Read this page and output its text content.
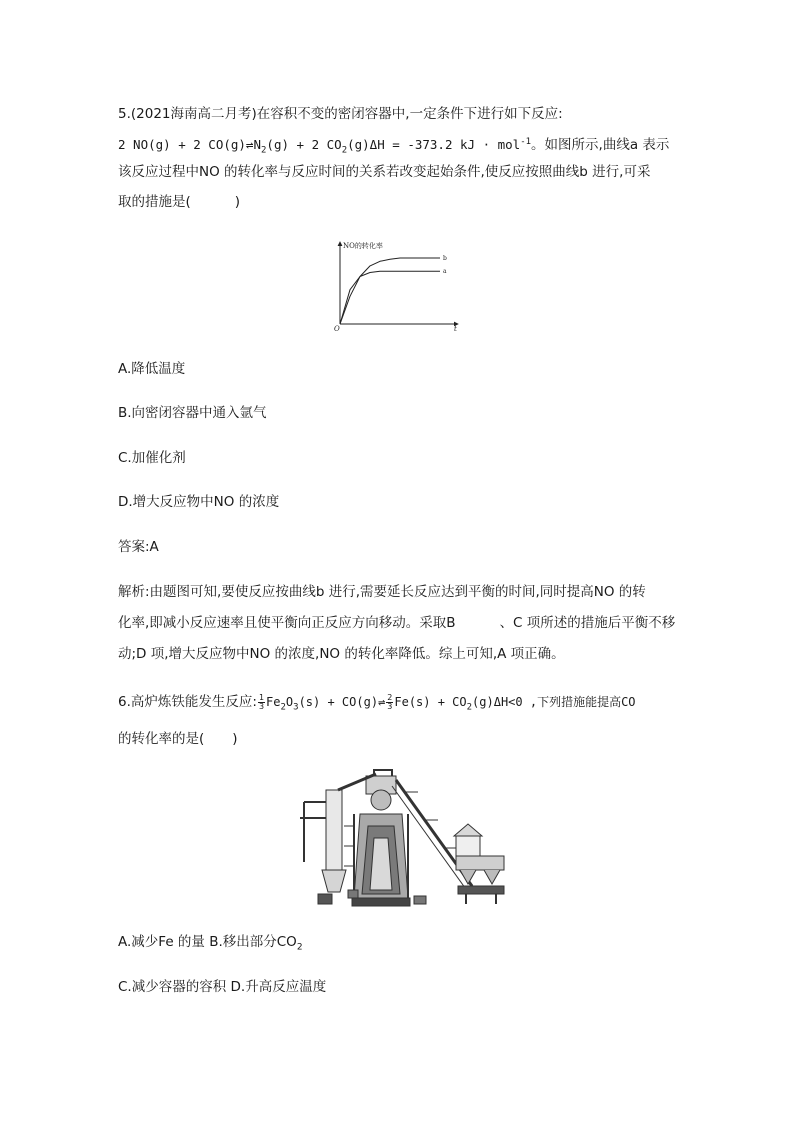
5.(2021海南高二月考)在容积不变的密闭容器中,一定条件下进行如下反应:
2 NO(g) + 2 $CO(g)\rightleftharpoons N_2(g) + 2$ $CO_2(g)\Delta H = -373.2$ kJ · mol$^{-1}$。如图所示,曲线a 表示
该反应过程中NO 的转化率与反应时间的关系若改变起始条件,使反应按照曲线b 进行,可采
取的措施是(	)
NO的转化率
t
O
b
a
A.降低温度
B.向密闭容器中通入氩气
C.加催化剂
D.增大反应物中NO 的浓度
答案:A
解析:由题图可知,要使反应按曲线b 进行,需要延长反应达到平衡的时间,同时提高NO 的转
化率,即减小反应速率且使平衡向正反应方向移动。采取B	、C 项所述的措施后平衡不移
动;D 项,增大反应物中NO 的浓度,NO 的转化率降低。综上可知,A 项正确。
6.高炉炼铁能发生反应: $\frac{1}{3} Fe_2O_3(s)$ + CO(g)⇌ $\frac{2}{3} Fe(s) + CO_2(g)\Delta H<0$ ,下列措施能提高CO
的转化率的是( )
A.减少Fe 的量 B.移出部分$CO_2$
C.减少容器的容积 D.升高反应温度
